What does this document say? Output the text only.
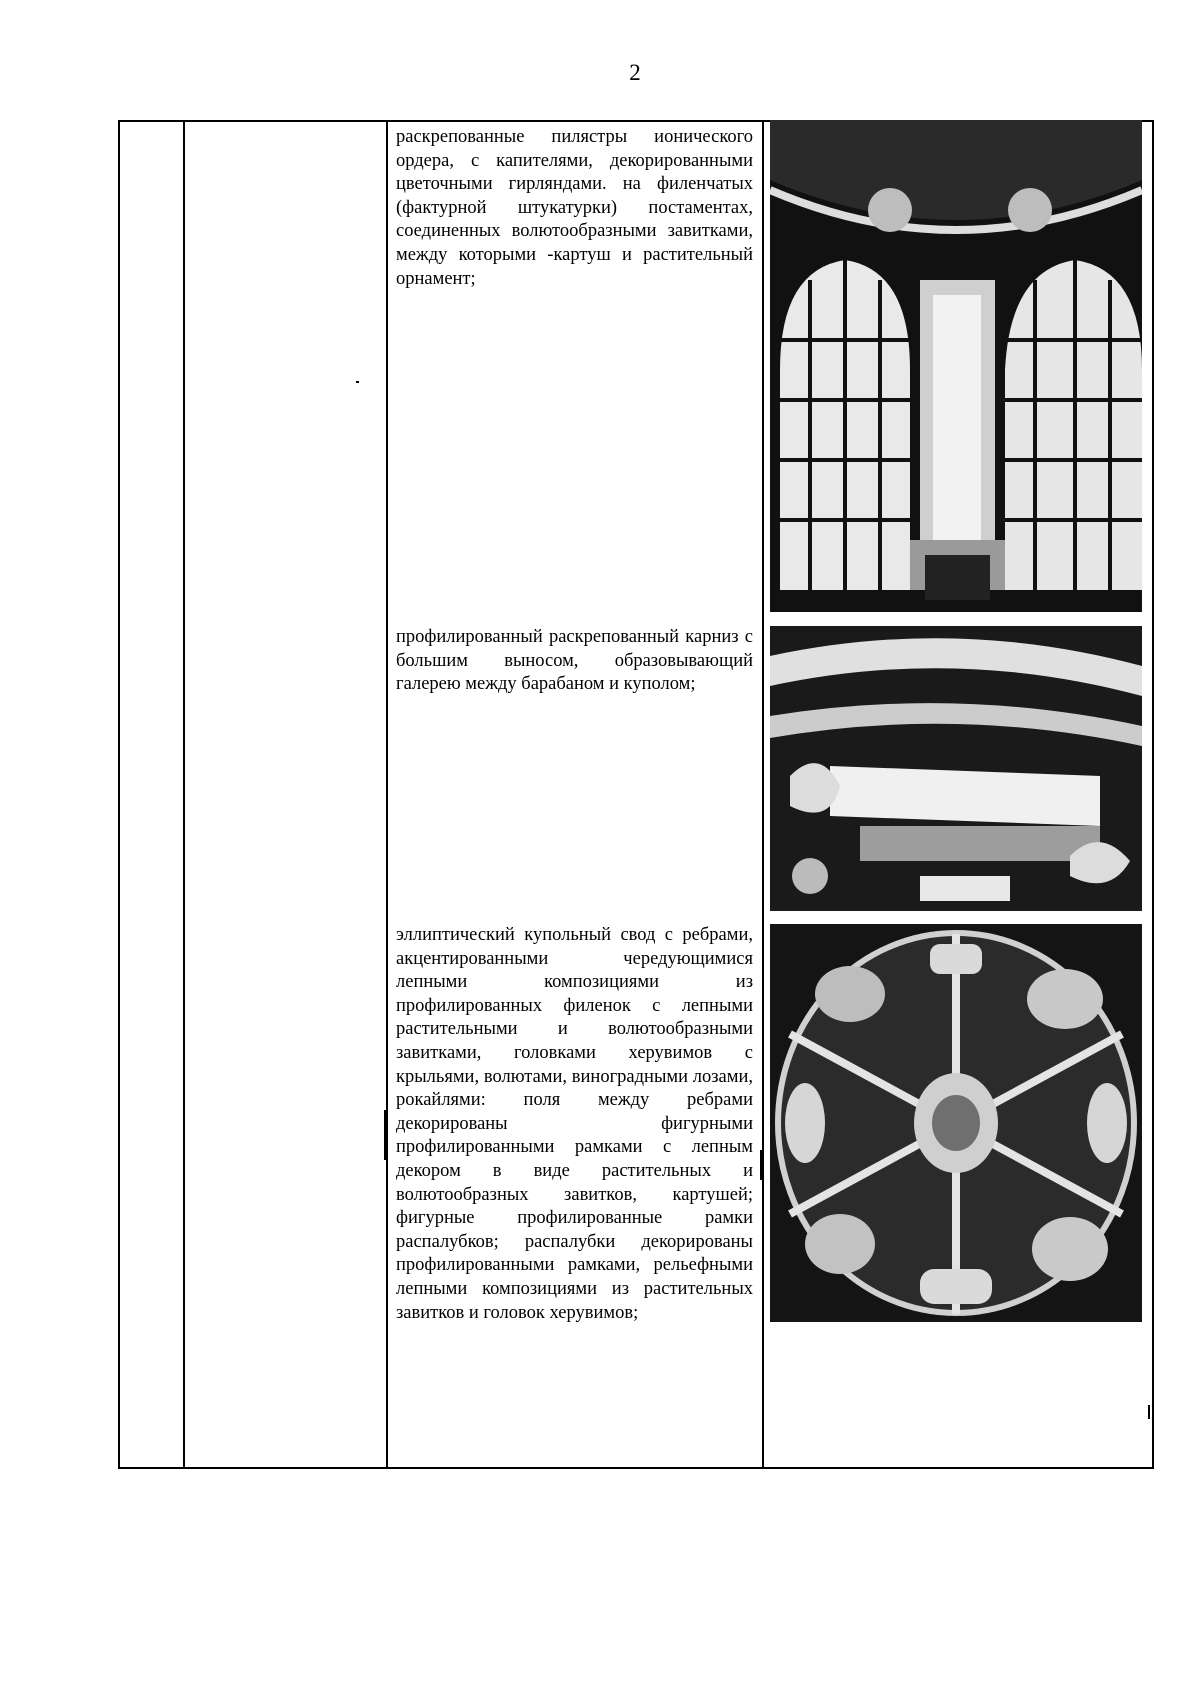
2
раскрепованные пилястры ионического ордера, с капителями, декорированными цветочными гирляндами. на филенчатых (фактурной штукатурки) постаментах, соединенных волютообразными завитками, между которыми -картуш и растительный орнамент;
профилированный раскрепованный карниз с большим выносом, образовывающий галерею между барабаном и куполом;
эллиптический купольный свод с ребрами, акцентированными чередующимися лепными композициями из профилированных филенок с лепными растительными и волютообразными завитками, головками херувимов с крыльями, волютами, виноградными лозами, рокайлями: поля между ребрами декорированы фигурными профилированными рамками с лепным декором в виде растительных и волютообразных завитков, картушей; фигурные профилированные рамки распалубков; распалубки декорированы профилированными рамками, рельефными лепными композициями из растительных завитков и головок херувимов;
